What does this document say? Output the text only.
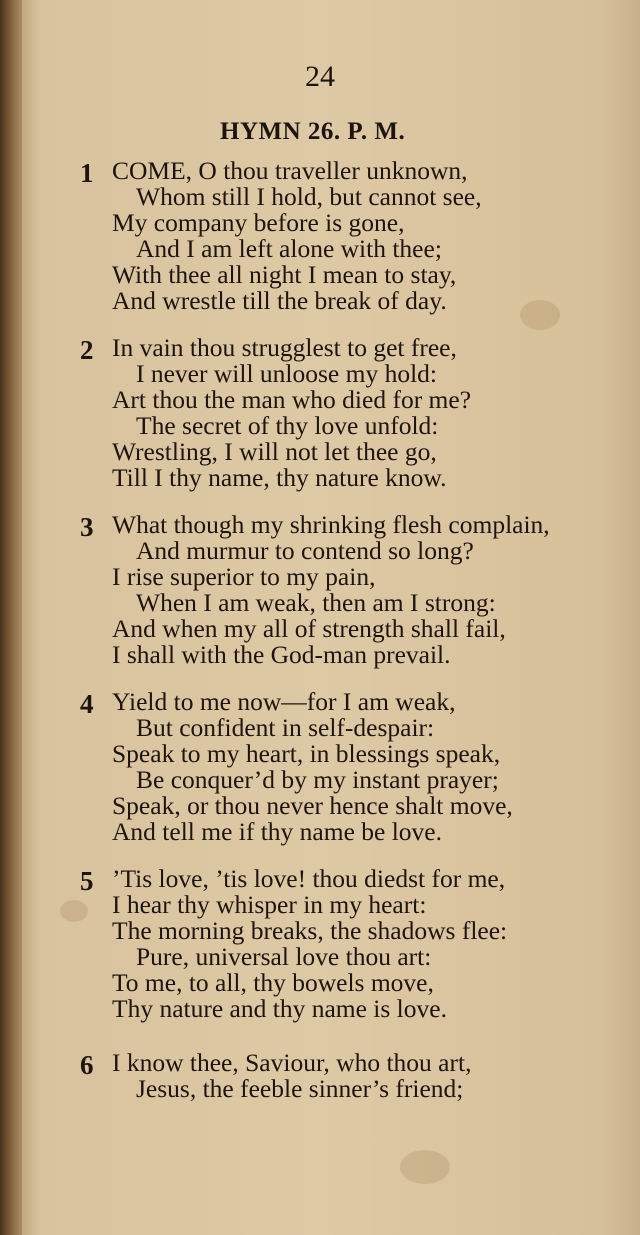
24

HYMN 26. P. M.

1 COME, O thou traveller unknown,
Whom still I hold, but cannot see,
My company before is gone,
And I am left alone with thee;
With thee all night I mean to stay,
And wrestle till the break of day.
2 In vain thou strugglest to get free,
I never will unloose my hold:
Art thou the man who died for me?
The secret of thy love unfold:
Wrestling, I will not let thee go,
Till I thy name, thy nature know.
3 What though my shrinking flesh complain,
And murmur to contend so long?
I rise superior to my pain,
When I am weak, then am I strong:
And when my all of strength shall fail,
I shall with the God-man prevail.
4 Yield to me now—for I am weak,
But confident in self-despair:
Speak to my heart, in blessings speak,
Be conquer’d by my instant prayer;
Speak, or thou never hence shalt move,
And tell me if thy name be love.
5 ’Tis love, ’tis love! thou diedst for me,
I hear thy whisper in my heart:
The morning breaks, the shadows flee:
Pure, universal love thou art:
To me, to all, thy bowels move,
Thy nature and thy name is love.
6 I know thee, Saviour, who thou art,
Jesus, the feeble sinner’s friend;
